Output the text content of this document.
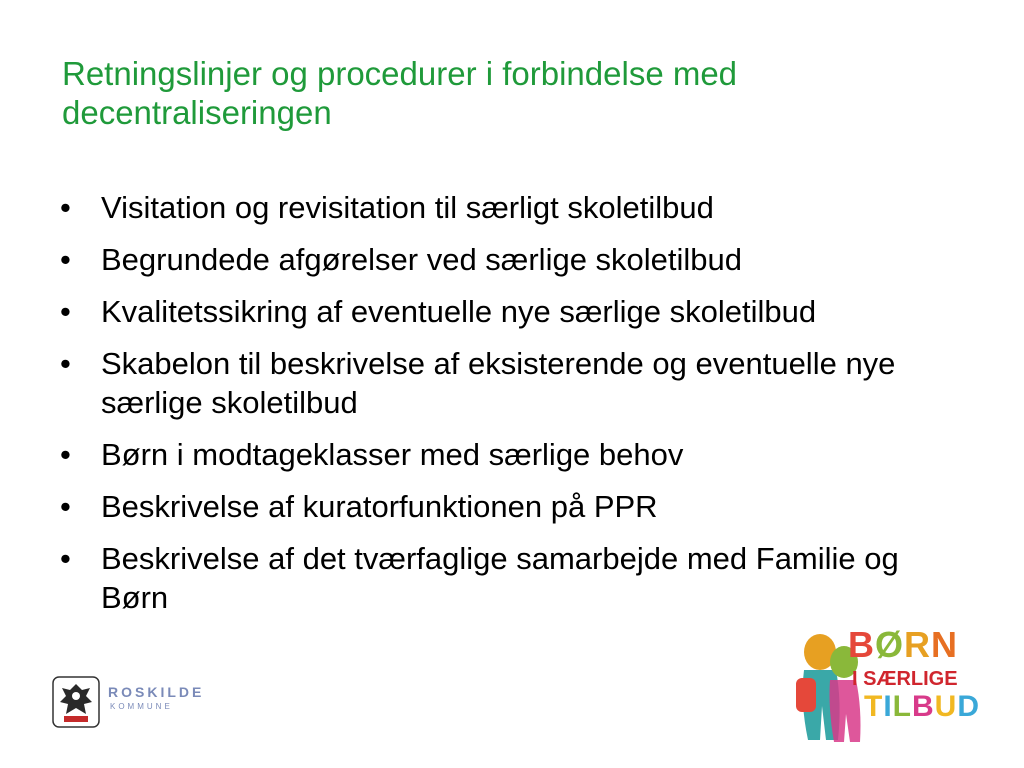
Retningslinjer og procedurer i forbindelse med decentraliseringen
• Visitation og revisitation til særligt skoletilbud
• Begrundede afgørelser ved særlige skoletilbud
• Kvalitetssikring af eventuelle nye særlige skoletilbud
• Skabelon til beskrivelse af eksisterende og eventuelle nye særlige skoletilbud
• Børn i modtageklasser med særlige behov
• Beskrivelse af kuratorfunktionen på PPR
• Beskrivelse af det tværfaglige samarbejde med Familie og Børn
ROSKILDE
KOMMUNE
BØRN
I SÆRLIGE
TILBUD
